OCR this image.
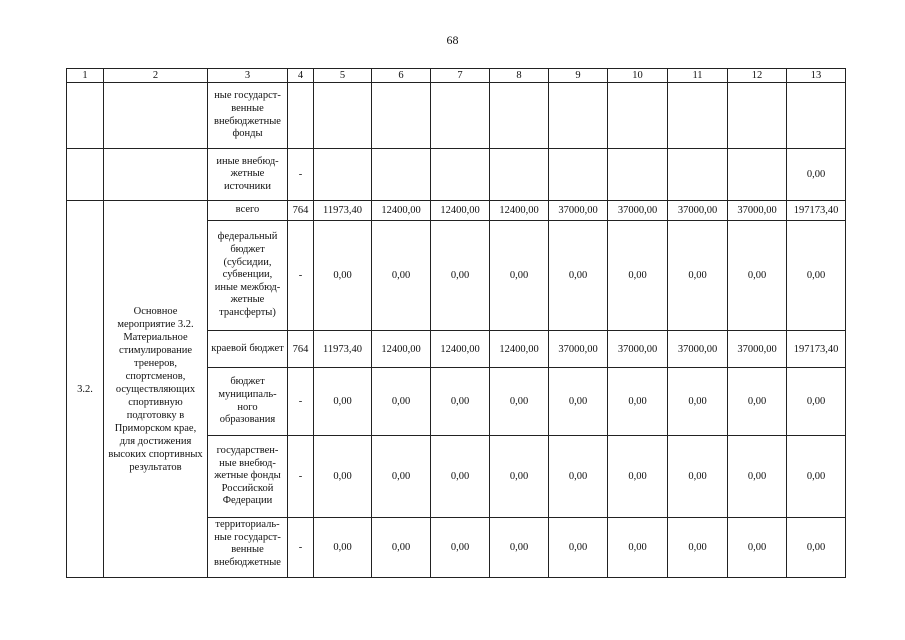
68
1	2	3	4	5	6	7	8	9	10	11	12	13
		ные государст-венные внебюджетные фонды										
		иные внебюд-жетные источники	-									0,00
3.2.	Основное мероприятие 3.2. Материальное стимулирование тренеров, спортсменов, осуществляющих спортивную подготовку в Приморском крае, для достижения высоких спортивных результатов	всего	764	11973,40	12400,00	12400,00	12400,00	37000,00	37000,00	37000,00	37000,00	197173,40
		федеральный бюджет (субсидии, субвенции, иные межбюд-жетные трансферты)	-	0,00	0,00	0,00	0,00	0,00	0,00	0,00	0,00	0,00
		краевой бюджет	764	11973,40	12400,00	12400,00	12400,00	37000,00	37000,00	37000,00	37000,00	197173,40
		бюджет муниципаль-ного образования	-	0,00	0,00	0,00	0,00	0,00	0,00	0,00	0,00	0,00
		государствен-ные внебюд-жетные фонды Российской Федерации	-	0,00	0,00	0,00	0,00	0,00	0,00	0,00	0,00	0,00
		территориаль-ные государст-венные внебюджетные	-	0,00	0,00	0,00	0,00	0,00	0,00	0,00	0,00	0,00
